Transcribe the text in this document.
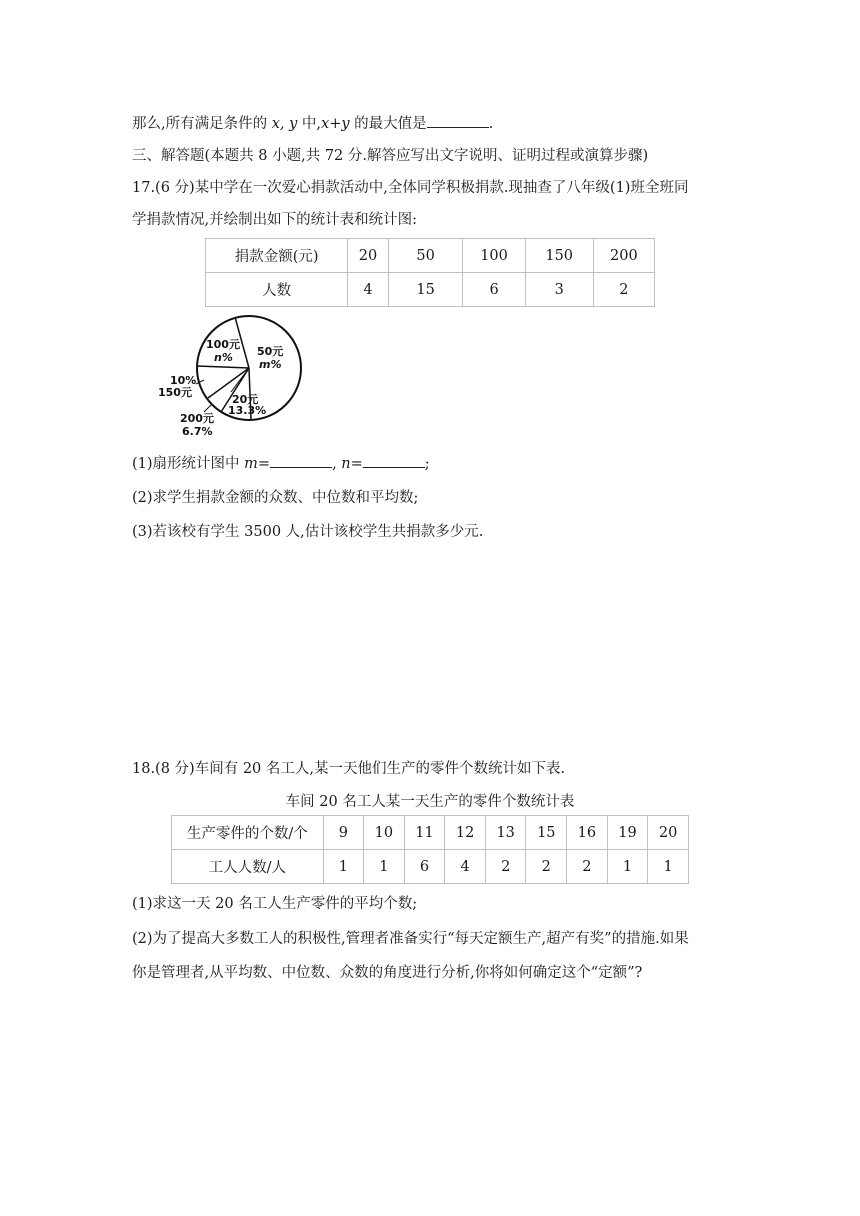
那么,所有满足条件的 x, y 中,x+y 的最大值是	.
三、解答题(本题共 8 小题,共 72 分.解答应写出文字说明、证明过程或演算步骤)
17.(6 分)某中学在一次爱心捐款活动中,全体同学积极捐款.现抽查了八年级(1)班全班同
学捐款情况,并绘制出如下的统计表和统计图:
捐款金额(元)	20	50	100	150	200
人数	4	15	6	3	2
100元
n% 50元
m%
10%
150元
20元
13.3%
200元
6.7%
(1)扇形统计图中 m=	, n=	;
(2)求学生捐款金额的众数、中位数和平均数;
(3)若该校有学生 3500 人,估计该校学生共捐款多少元.
18.(8 分)车间有 20 名工人,某一天他们生产的零件个数统计如下表.
车间 20 名工人某一天生产的零件个数统计表
生产零件的个数/个	9	10	11	12	13	15	16	19	20
工人人数/人	1	1	6	4	2	2	2	1	1
(1)求这一天 20 名工人生产零件的平均个数;
(2)为了提高大多数工人的积极性,管理者准备实行“每天定额生产,超产有奖”的措施.如果
你是管理者,从平均数、中位数、众数的角度进行分析,你将如何确定这个“定额”?
